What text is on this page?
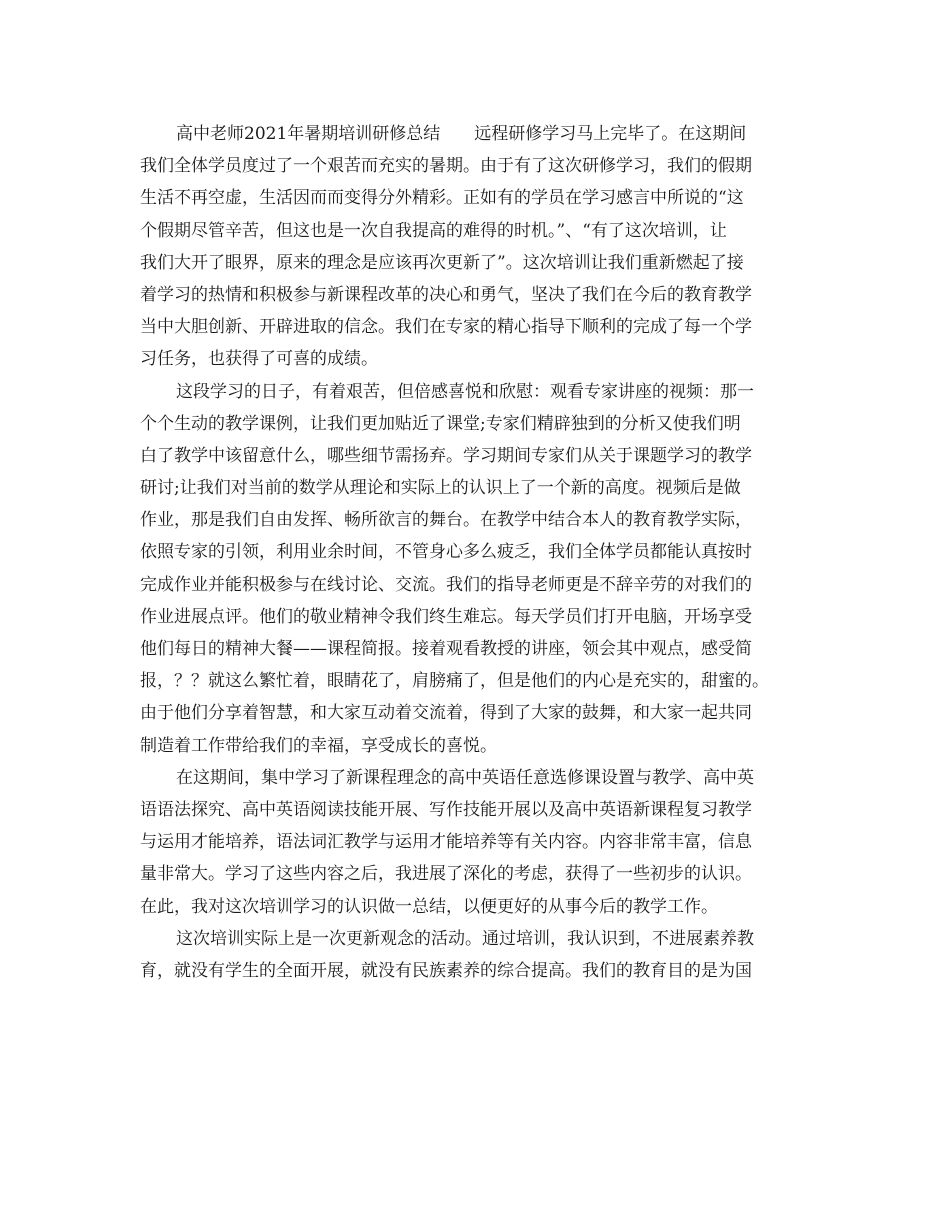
高中老师2021年暑期培训研修总结　　远程研修学习马上完毕了。在这期间
我们全体学员度过了一个艰苦而充实的暑期。由于有了这次研修学习，我们的假期
生活不再空虚，生活因而而变得分外精彩。正如有的学员在学习感言中所说的“这
个假期尽管辛苦，但这也是一次自我提高的难得的时机。”、“有了这次培训，让
我们大开了眼界，原来的理念是应该再次更新了”。这次培训让我们重新燃起了接
着学习的热情和积极参与新课程改革的决心和勇气，坚决了我们在今后的教育教学
当中大胆创新、开辟进取的信念。我们在专家的精心指导下顺利的完成了每一个学
习任务，也获得了可喜的成绩。
这段学习的日子，有着艰苦，但倍感喜悦和欣慰：观看专家讲座的视频：那一
个个生动的教学课例，让我们更加贴近了课堂;专家们精辟独到的分析又使我们明
白了教学中该留意什么，哪些细节需扬弃。学习期间专家们从关于课题学习的教学
研讨;让我们对当前的数学从理论和实际上的认识上了一个新的高度。视频后是做
作业，那是我们自由发挥、畅所欲言的舞台。在教学中结合本人的教育教学实际，
依照专家的引领，利用业余时间，不管身心多么疲乏，我们全体学员都能认真按时
完成作业并能积极参与在线讨论、交流。我们的指导老师更是不辞辛劳的对我们的
作业进展点评。他们的敬业精神令我们终生难忘。每天学员们打开电脑，开场享受
他们每日的精神大餐——课程简报。接着观看教授的讲座，领会其中观点，感受简
报，？？就这么繁忙着，眼睛花了，肩膀痛了，但是他们的内心是充实的，甜蜜的。
由于他们分享着智慧，和大家互动着交流着，得到了大家的鼓舞，和大家一起共同
制造着工作带给我们的幸福，享受成长的喜悦。
在这期间，集中学习了新课程理念的高中英语任意选修课设置与教学、高中英
语语法探究、高中英语阅读技能开展、写作技能开展以及高中英语新课程复习教学
与运用才能培养，语法词汇教学与运用才能培养等有关内容。内容非常丰富，信息
量非常大。学习了这些内容之后，我进展了深化的考虑，获得了一些初步的认识。
在此，我对这次培训学习的认识做一总结，以便更好的从事今后的教学工作。
这次培训实际上是一次更新观念的活动。通过培训，我认识到，不进展素养教
育，就没有学生的全面开展，就没有民族素养的综合提高。我们的教育目的是为国
